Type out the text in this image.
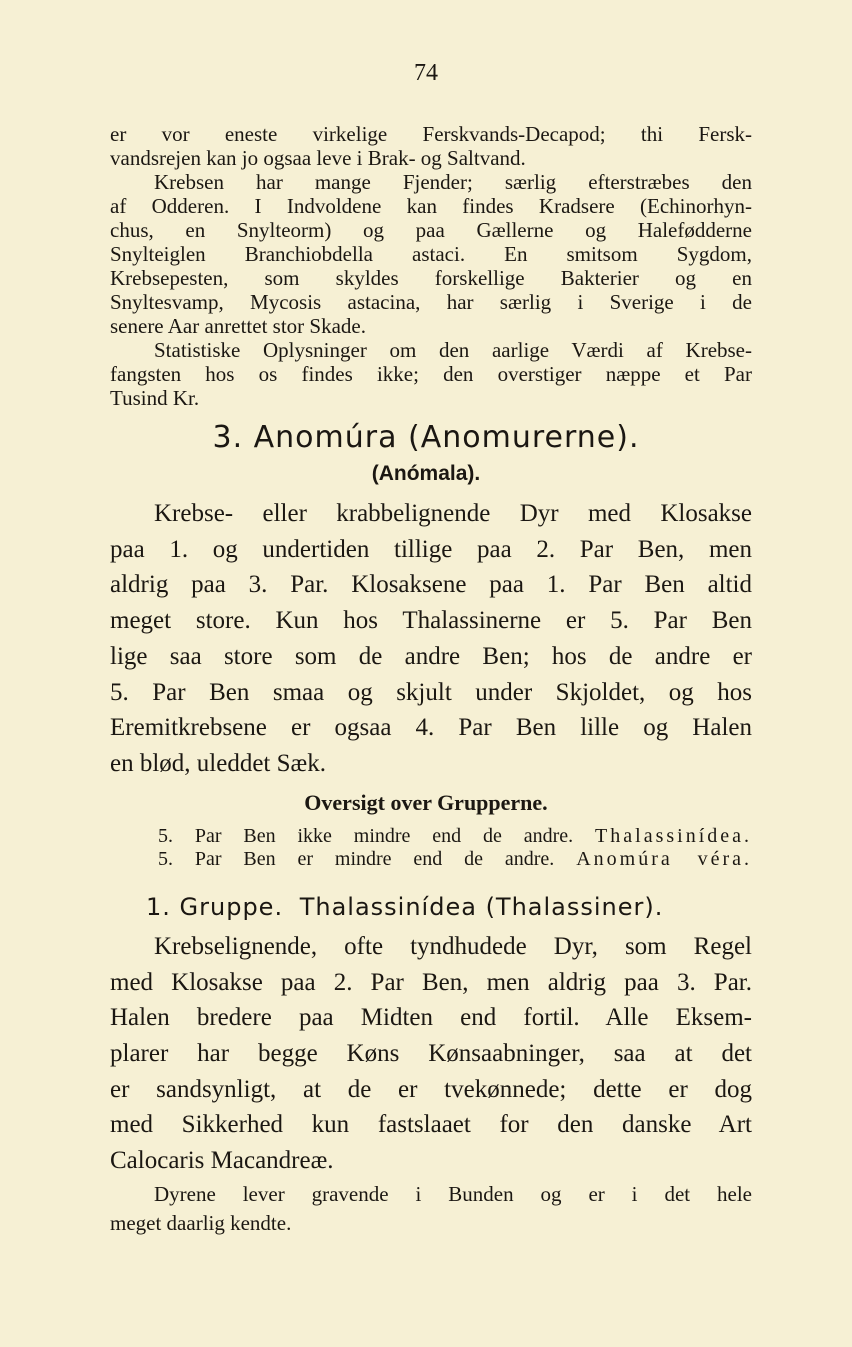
74
er vor eneste virkelige Ferskvands-Decapod; thi Fersk-
vandsrejen kan jo ogsaa leve i Brak- og Saltvand.
Krebsen har mange Fjender; særlig efterstræbes den
af Odderen. I Indvoldene kan findes Kradsere (Echinorhyn-
chus, en Snylteorm) og paa Gællerne og Halefødderne
Snylteiglen Branchiobdella astaci. En smitsom Sygdom,
Krebsepesten, som skyldes forskellige Bakterier og en
Snyltesvamp, Mycosis astacina, har særlig i Sverige i de
senere Aar anrettet stor Skade.
Statistiske Oplysninger om den aarlige Værdi af Krebse-
fangsten hos os findes ikke; den overstiger næppe et Par
Tusind Kr.
3. Anomúra (Anomurerne).
(Anómala).
Krebse- eller krabbelignende Dyr med Klosakse
paa 1. og undertiden tillige paa 2. Par Ben, men
aldrig paa 3. Par. Klosaksene paa 1. Par Ben altid
meget store. Kun hos Thalassinerne er 5. Par Ben
lige saa store som de andre Ben; hos de andre er
5. Par Ben smaa og skjult under Skjoldet, og hos
Eremitkrebsene er ogsaa 4. Par Ben lille og Halen
en blød, uleddet Sæk.
Oversigt over Grupperne.
5. Par Ben ikke mindre end de andre. Thalassinídea.
5. Par Ben er mindre end de andre. Anomúra véra.
1. Gruppe. Thalassinídea (Thalassiner).
Krebselignende, ofte tyndhudede Dyr, som Regel
med Klosakse paa 2. Par Ben, men aldrig paa 3. Par.
Halen bredere paa Midten end fortil. Alle Eksem-
plarer har begge Køns Kønsaabninger, saa at det
er sandsynligt, at de er tvekønnede; dette er dog
med Sikkerhed kun fastslaaet for den danske Art
Calocaris Macandreæ.
Dyrene lever gravende i Bunden og er i det hele
meget daarlig kendte.
